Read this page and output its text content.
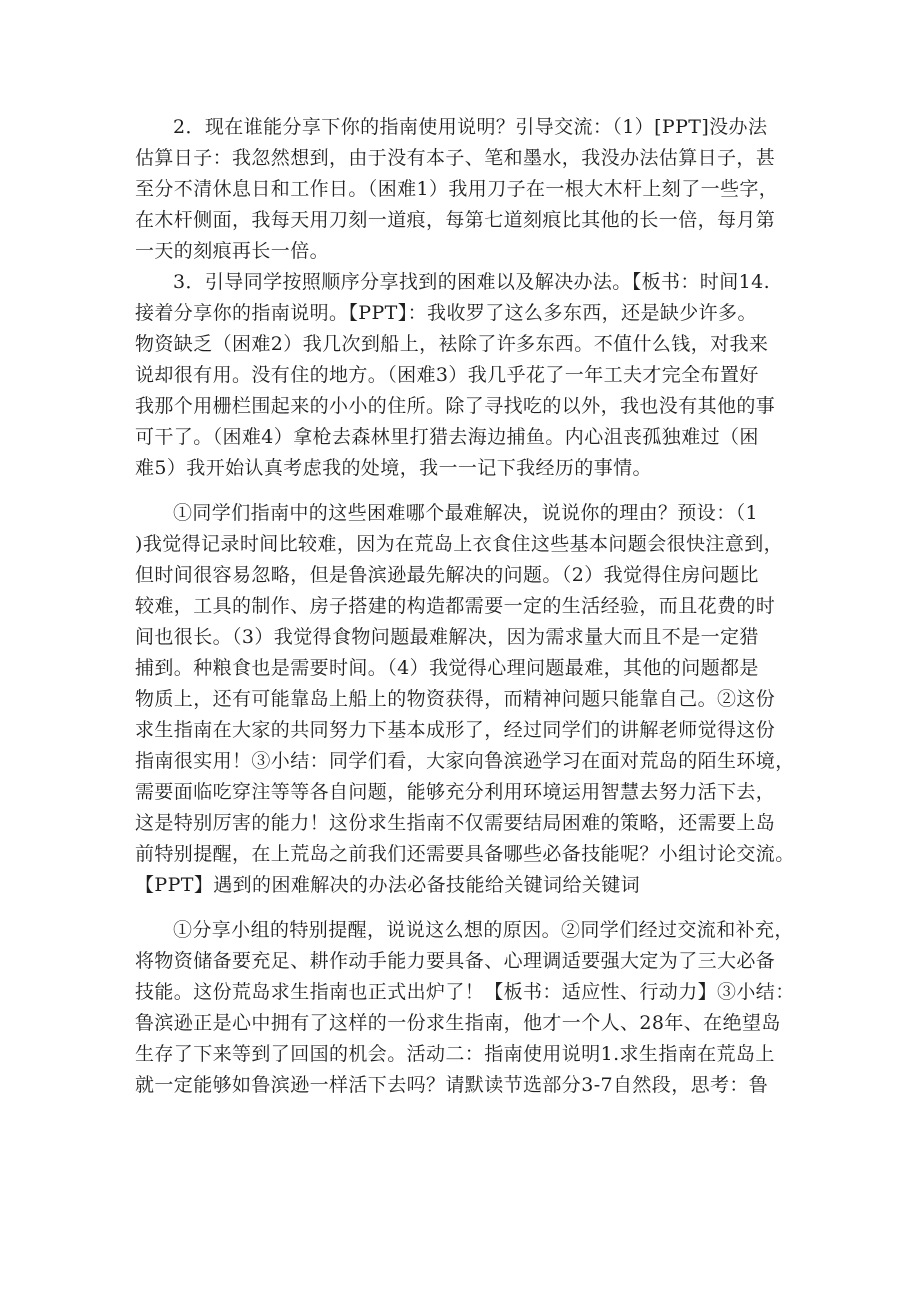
2．现在谁能分享下你的指南使用说明？引导交流：（1）[PPT]没办法
估算日子：我忽然想到，由于没有本子、笔和墨水，我没办法估算日子，甚
至分不清休息日和工作日。（困难1）我用刀子在一根大木杆上刻了一些字，
在木杆侧面，我每天用刀刻一道痕，每第七道刻痕比其他的长一倍，每月第
一天的刻痕再长一倍。
3．引导同学按照顺序分享找到的困难以及解决办法。【板书：时间14.
接着分享你的指南说明。【PPT】：我收罗了这么多东西，还是缺少许多。
物资缺乏（困难2）我几次到船上，袪除了许多东西。不值什么钱，对我来
说却很有用。没有住的地方。（困难3）我几乎花了一年工夫才完全布置好
我那个用栅栏围起来的小小的住所。除了寻找吃的以外，我也没有其他的事
可干了。（困难4）拿枪去森林里打猎去海边捕鱼。内心沮丧孤独难过（困
难5）我开始认真考虑我的处境，我一一记下我经历的事情。
①同学们指南中的这些困难哪个最难解决，说说你的理由？预设：（1
)我觉得记录时间比较难，因为在荒岛上衣食住这些基本问题会很快注意到，
但时间很容易忽略，但是鲁滨逊最先解决的问题。（2）我觉得住房问题比
较难，工具的制作、房子搭建的构造都需要一定的生活经验，而且花费的时
间也很长。（3）我觉得食物问题最难解决，因为需求量大而且不是一定猎
捕到。种粮食也是需要时间。（4）我觉得心理问题最难，其他的问题都是
物质上，还有可能靠岛上船上的物资获得，而精神问题只能靠自己。②这份
求生指南在大家的共同努力下基本成形了，经过同学们的讲解老师觉得这份
指南很实用！③小结：同学们看，大家向鲁滨逊学习在面对荒岛的陌生环境，
需要面临吃穿注等等各自问题，能够充分利用环境运用智慧去努力活下去，
这是特别厉害的能力！这份求生指南不仅需要结局困难的策略，还需要上岛
前特别提醒，在上荒岛之前我们还需要具备哪些必备技能呢？小组讨论交流。
【PPT】遇到的困难解决的办法必备技能给关键词给关键词
①分享小组的特别提醒，说说这么想的原因。②同学们经过交流和补充，
将物资储备要充足、耕作动手能力要具备、心理调适要强大定为了三大必备
技能。这份荒岛求生指南也正式出炉了！【板书：适应性、行动力】③小结：
鲁滨逊正是心中拥有了这样的一份求生指南，他才一个人、28年、在绝望岛
生存了下来等到了回国的机会。活动二：指南使用说明1.求生指南在荒岛上
就一定能够如鲁滨逊一样活下去吗？请默读节选部分3-7自然段，思考：鲁
